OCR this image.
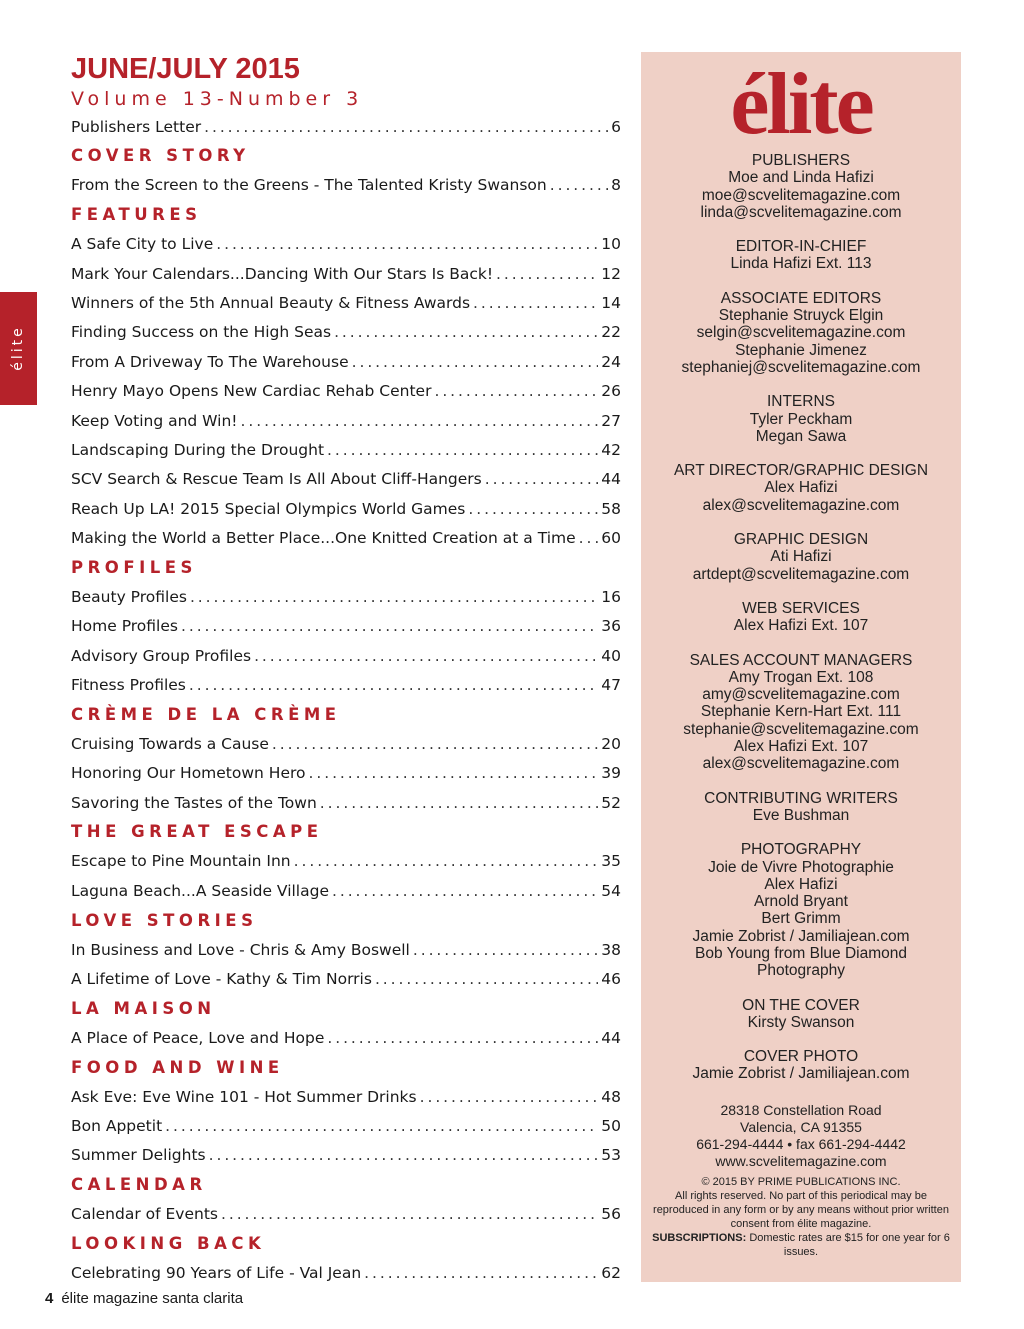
élite
JUNE/JULY 2015
Volume 13-Number 3
Publishers Letter . . .	6
COVER STORY
From the Screen to the Greens - The Talented Kristy Swanson . . .	8
FEATURES
A Safe City to Live . . .	10
Mark Your Calendars...Dancing With Our Stars Is Back! . . .	12
Winners of the 5th Annual Beauty & Fitness Awards . . .	14
Finding Success on the High Seas . . .	22
From A Driveway To The Warehouse . . .	24
Henry Mayo Opens New Cardiac Rehab Center . . .	26
Keep Voting and Win! . . .	27
Landscaping During the Drought . . .	42
SCV Search & Rescue Team Is All About Cliff-Hangers . . .	44
Reach Up LA! 2015 Special Olympics World Games . . .	58
Making the World a Better Place...One Knitted Creation at a Time . . . 60
PROFILES
Beauty Profiles . . .	16
Home Profiles . . .	36
Advisory Group Profiles . . .	40
Fitness Profiles . . .	47
CRÈME DE LA CRÈME
Cruising Towards a Cause . . .	20
Honoring Our Hometown Hero . . .	39
Savoring the Tastes of the Town . . .	52
THE GREAT ESCAPE
Escape to Pine Mountain Inn . . .	35
Laguna Beach...A Seaside Village . . .	54
LOVE STORIES
In Business and Love - Chris & Amy Boswell . . .	38
A Lifetime of Love - Kathy & Tim Norris . . .	46
LA MAISON
A Place of Peace, Love and Hope . . .	44
FOOD AND WINE
Ask Eve: Eve Wine 101 - Hot Summer Drinks . . .	48
Bon Appetit . . .	50
Summer Delights . . .	53
CALENDAR
Calendar of Events . . .	56
LOOKING BACK
Celebrating 90 Years of Life - Val Jean . . .	62
4 élite magazine santa clarita
élite
PUBLISHERS
Moe and Linda Hafizi
moe@scvelitemagazine.com
linda@scvelitemagazine.com
EDITOR-IN-CHIEF
Linda Hafizi Ext. 113
ASSOCIATE EDITORS
Stephanie Struyck Elgin
selgin@scvelitemagazine.com
Stephanie Jimenez
stephaniej@scvelitemagazine.com
INTERNS
Tyler Peckham
Megan Sawa
ART DIRECTOR/GRAPHIC DESIGN
Alex Hafizi
alex@scvelitemagazine.com
GRAPHIC DESIGN
Ati Hafizi
artdept@scvelitemagazine.com
WEB SERVICES
Alex Hafizi Ext. 107
SALES ACCOUNT MANAGERS
Amy Trogan Ext. 108
amy@scvelitemagazine.com
Stephanie Kern-Hart Ext. 111
stephanie@scvelitemagazine.com
Alex Hafizi Ext. 107
alex@scvelitemagazine.com
CONTRIBUTING WRITERS
Eve Bushman
PHOTOGRAPHY
Joie de Vivre Photographie
Alex Hafizi
Arnold Bryant
Bert Grimm
Jamie Zobrist / Jamiliajean.com
Bob Young from Blue Diamond
Photography
ON THE COVER
Kirsty Swanson
COVER PHOTO
Jamie Zobrist / Jamiliajean.com
28318 Constellation Road
Valencia, CA 91355
661-294-4444 • fax 661-294-4442
www.scvelitemagazine.com
© 2015 BY PRIME PUBLICATIONS INC.
All rights reserved. No part of this periodical may be reproduced in any form or by any means without prior written consent from élite magazine.
SUBSCRIPTIONS: Domestic rates are $15 for one year for 6 issues.
